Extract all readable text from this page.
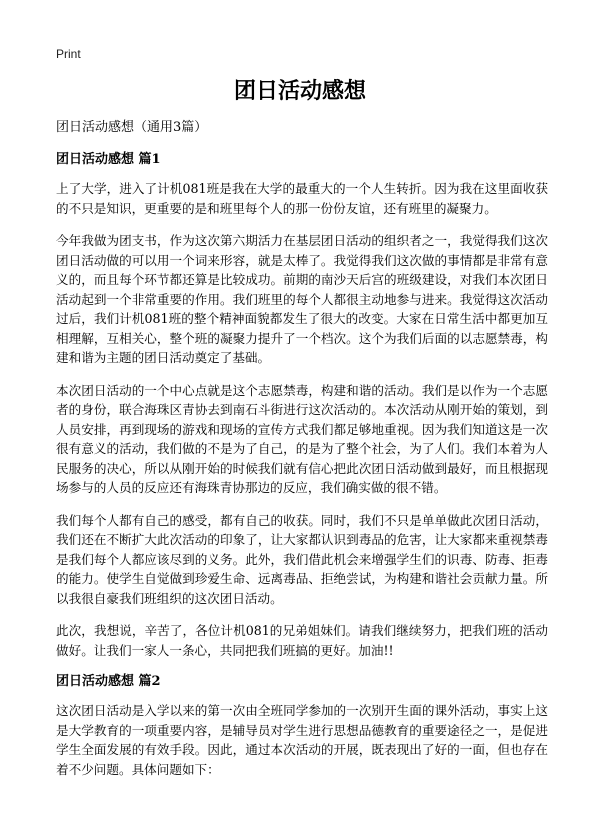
Print
团日活动感想
团日活动感想（通用3篇）
团日活动感想 篇1

上了大学，进入了计机081班是我在大学的最重大的一个人生转折。因为我在这里面收获的不只是知识，更重要的是和班里每个人的那一份份友谊，还有班里的凝聚力。

今年我做为团支书，作为这次第六期活力在基层团日活动的组织者之一，我觉得我们这次团日活动做的可以用一个词来形容，就是太棒了。我觉得我们这次做的事情都是非常有意义的，而且每个环节都还算是比较成功。前期的南沙天后宫的班级建设，对我们本次团日活动起到一个非常重要的作用。我们班里的每个人都很主动地参与进来。我觉得这次活动过后，我们计机081班的整个精神面貌都发生了很大的改变。大家在日常生活中都更加互相理解，互相关心，整个班的凝聚力提升了一个档次。这个为我们后面的以志愿禁毒，构建和谐为主题的团日活动奠定了基础。

本次团日活动的一个中心点就是这个志愿禁毒，构建和谐的活动。我们是以作为一个志愿者的身份，联合海珠区青协去到南石斗街进行这次活动的。本次活动从刚开始的策划，到人员安排，再到现场的游戏和现场的宣传方式我们都足够地重视。因为我们知道这是一次很有意义的活动，我们做的不是为了自己，的是为了整个社会，为了人们。我们本着为人民服务的决心，所以从刚开始的时候我们就有信心把此次团日活动做到最好，而且根据现场参与的人员的反应还有海珠青协那边的反应，我们确实做的很不错。

我们每个人都有自己的感受，都有自己的收获。同时，我们不只是单单做此次团日活动，我们还在不断扩大此次活动的印象了，让大家都认识到毒品的危害，让大家都来重视禁毒是我们每个人都应该尽到的义务。此外，我们借此机会来增强学生们的识毒、防毒、拒毒的能力。使学生自觉做到珍爱生命、远离毒品、拒绝尝试，为构建和谐社会贡献力量。所以我很自豪我们班组织的这次团日活动。

此次，我想说，辛苦了，各位计机081的兄弟姐妹们。请我们继续努力，把我们班的活动做好。让我们一家人一条心，共同把我们班搞的更好。加油!!

团日活动感想 篇2

这次团日活动是入学以来的第一次由全班同学参加的一次别开生面的课外活动，事实上这是大学教育的一项重要内容，是辅导员对学生进行思想品德教育的重要途径之一，是促进学生全面发展的有效手段。因此，通过本次活动的开展，既表现出了好的一面，但也存在着不少问题。具体问题如下：
